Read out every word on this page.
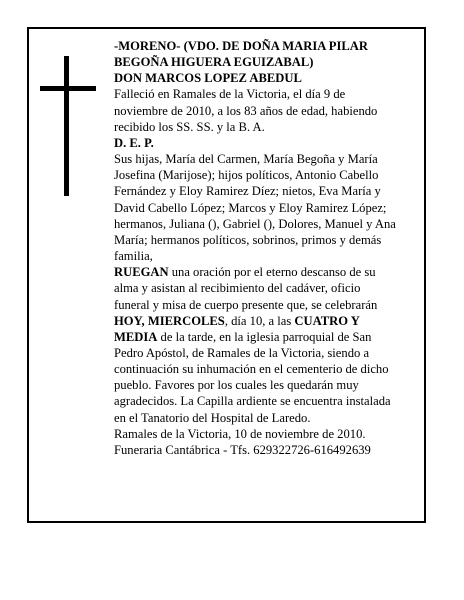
-MORENO- (VDO. DE DOÑA MARIA PILAR BEGOÑA HIGUERA EGUIZABAL)

DON MARCOS LOPEZ ABEDUL

Falleció en Ramales de la Victoria, el día 9 de noviembre de 2010, a los 83 años de edad, habiendo recibido los SS. SS. y la B. A.

D. E. P.

Sus hijas, María del Carmen, María Begoña y María Josefina (Marijose); hijos políticos, Antonio Cabello Fernández y Eloy Ramirez Díez; nietos, Eva María y David Cabello López; Marcos y Eloy Ramirez López; hermanos, Juliana (), Gabriel (), Dolores, Manuel y Ana María; hermanos políticos, sobrinos, primos y demás familia,

RUEGAN una oración por el eterno descanso de su alma y asistan al recibimiento del cadáver, oficio funeral y misa de cuerpo presente que, se celebrarán HOY, MIERCOLES, día 10, a las CUATRO Y MEDIA de la tarde, en la iglesia parroquial de San Pedro Apóstol, de Ramales de la Victoria, siendo a continuación su inhumación en el cementerio de dicho pueblo. Favores por los cuales les quedarán muy agradecidos. La Capilla ardiente se encuentra instalada en el Tanatorio del Hospital de Laredo.

Ramales de la Victoria, 10 de noviembre de 2010.

Funeraria Cantábrica - Tfs. 629322726-616492639
